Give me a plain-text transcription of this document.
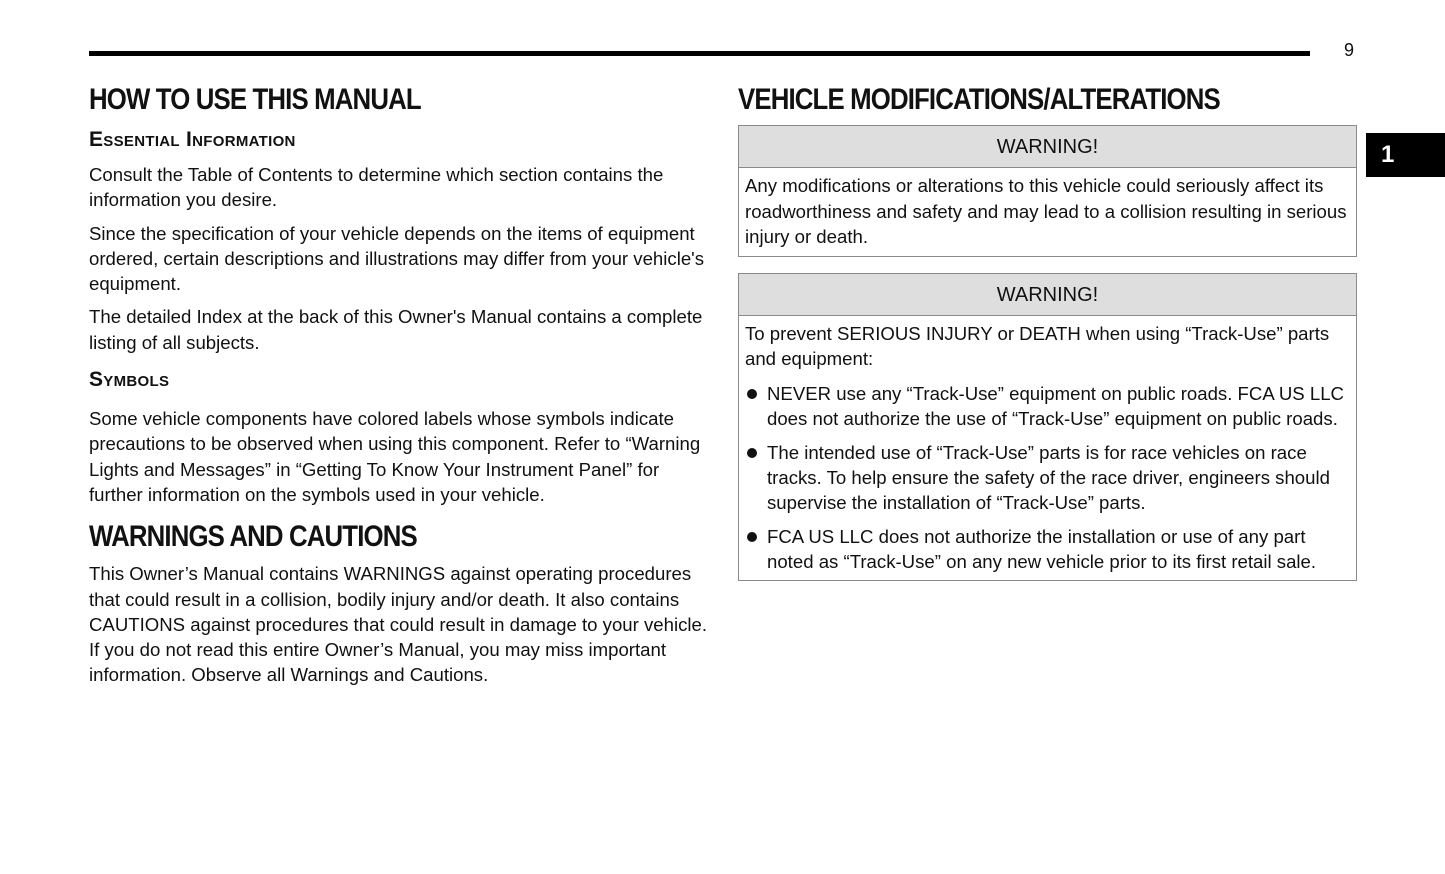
9
1
HOW TO USE THIS MANUAL
Essential Information

Consult the Table of Contents to determine which section contains the information you desire.

Since the specification of your vehicle depends on the items of equipment ordered, certain descriptions and illustrations may differ from your vehicle's equipment.

The detailed Index at the back of this Owner's Manual contains a complete listing of all subjects.

Symbols

Some vehicle components have colored labels whose symbols indicate precautions to be observed when using this component. Refer to “Warning Lights and Messages” in “Getting To Know Your Instrument Panel” for further information on the symbols used in your vehicle.

WARNINGS AND CAUTIONS

This Owner’s Manual contains WARNINGS against operating procedures that could result in a collision, bodily injury and/or death. It also contains CAUTIONS against procedures that could result in damage to your vehicle. If you do not read this entire Owner’s Manual, you may miss important information. Observe all Warnings and Cautions.

VEHICLE MODIFICATIONS/ALTERATIONS
WARNING!

Any modifications or alterations to this vehicle could seriously affect its roadworthiness and safety and may lead to a collision resulting in serious injury or death.

WARNING!

To prevent SERIOUS INJURY or DEATH when using “Track-Use” parts and equipment:

NEVER use any “Track-Use” equipment on public roads. FCA US LLC does not authorize the use of “Track-Use” equipment on public roads.
The intended use of “Track-Use” parts is for race vehicles on race tracks. To help ensure the safety of the race driver, engineers should supervise the installation of “Track-Use” parts.
FCA US LLC does not authorize the installation or use of any part noted as “Track-Use” on any new vehicle prior to its first retail sale.
